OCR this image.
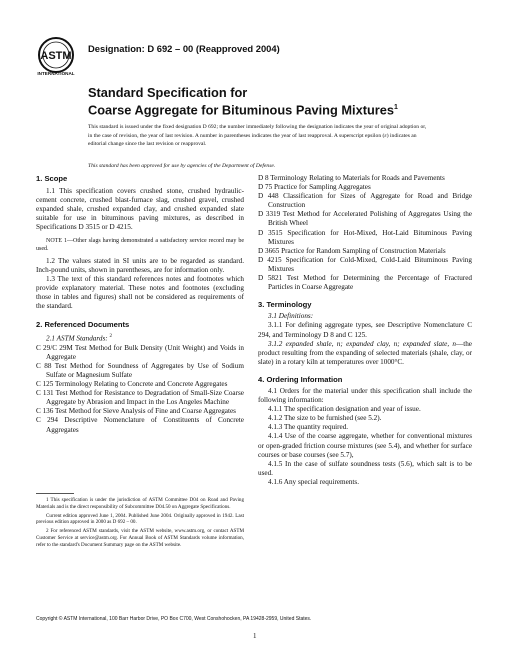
ASTM
INTERNATIONAL
Designation: D 692 – 00 (Reapproved 2004)
Standard Specification for
Coarse Aggregate for Bituminous Paving Mixtures$^1$
This standard is issued under the fixed designation D 692; the number immediately following the designation indicates the year of original adoption or, in the case of revision, the year of last revision. A number in parentheses indicates the year of last reapproval. A superscript epsilon (ε) indicates an editorial change since the last revision or reapproval.
This standard has been approved for use by agencies of the Department of Defense.

1. Scope

1.1 This specification covers crushed stone, crushed hydraulic-cement concrete, crushed blast-furnace slag, crushed gravel, crushed expanded shale, crushed expanded clay, and crushed expanded slate suitable for use in bituminous paving mixtures, as described in Specifications D 3515 or D 4215.

NOTE 1—Other slags having demonstrated a satisfactory service record may be used.

1.2 The values stated in SI units are to be regarded as standard. Inch-pound units, shown in parentheses, are for information only.

1.3 The text of this standard references notes and footnotes which provide explanatory material. These notes and footnotes (excluding those in tables and figures) shall not be considered as requirements of the standard.

2. Referenced Documents

2.1 ASTM Standards: $^2$

C 29/C 29M Test Method for Bulk Density (Unit Weight) and Voids in Aggregate

C 88 Test Method for Soundness of Aggregates by Use of Sodium Sulfate or Magnesium Sulfate

C 125 Terminology Relating to Concrete and Concrete Aggregates

C 131 Test Method for Resistance to Degradation of Small-Size Coarse Aggregate by Abrasion and Impact in the Los Angeles Machine

C 136 Test Method for Sieve Analysis of Fine and Coarse Aggregates

C 294 Descriptive Nomenclature of Constituents of Concrete Aggregates

1 This specification is under the jurisdiction of ASTM Committee D04 on Road and Paving Materials and is the direct responsibility of Subcommittee D04.50 on Aggregate Specifications.

Current edition approved June 1, 2004. Published June 2004. Originally approved in 1942. Last previous edition approved in 2000 as D 692 – 00.

2 For referenced ASTM standards, visit the ASTM website, www.astm.org, or contact ASTM Customer Service at service@astm.org. For Annual Book of ASTM Standards volume information, refer to the standard's Document Summary page on the ASTM website.

D 8 Terminology Relating to Materials for Roads and Pavements

D 75 Practice for Sampling Aggregates

D 448 Classification for Sizes of Aggregate for Road and Bridge Construction

D 3319 Test Method for Accelerated Polishing of Aggregates Using the British Wheel

D 3515 Specification for Hot-Mixed, Hot-Laid Bituminous Paving Mixtures

D 3665 Practice for Random Sampling of Construction Materials

D 4215 Specification for Cold-Mixed, Cold-Laid Bituminous Paving Mixtures

D 5821 Test Method for Determining the Percentage of Fractured Particles in Coarse Aggregate

3. Terminology

3.1 Definitions:

3.1.1 For defining aggregate types, see Descriptive Nomenclature C 294, and Terminology D 8 and C 125.

3.1.2 expanded shale, n; expanded clay, n; expanded slate, n—the product resulting from the expanding of selected materials (shale, clay, or slate) in a rotary kiln at temperatures over 1000°C.

4. Ordering Information

4.1 Orders for the material under this specification shall include the following information:

4.1.1 The specification designation and year of issue.

4.1.2 The size to be furnished (see 5.2).

4.1.3 The quantity required.

4.1.4 Use of the coarse aggregate, whether for conventional mixtures or open-graded friction course mixtures (see 5.4), and whether for surface courses or base courses (see 5.7),

4.1.5 In the case of sulfate soundness tests (5.6), which salt is to be used.

4.1.6 Any special requirements.

Copyright © ASTM International, 100 Barr Harbor Drive, PO Box C700, West Conshohocken, PA 19428-2959, United States.
1
